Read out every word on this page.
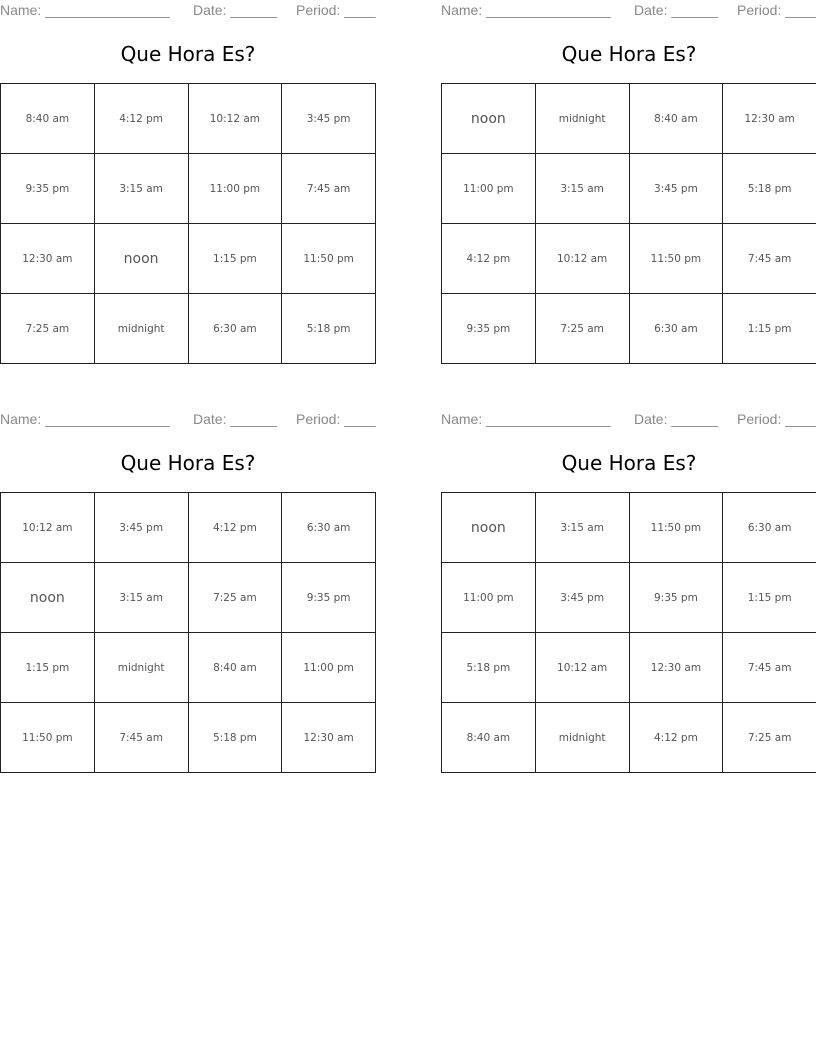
Name: ________________ Date: ______ Period: ____
Que Hora Es?
8:40 am	4:12 pm	10:12 am	3:45 pm
9:35 pm	3:15 am	11:00 pm	7:45 am
12:30 am	noon	1:15 pm	11:50 pm
7:25 am	midnight	6:30 am	5:18 pm
Name: ________________ Date: ______ Period: ____
Que Hora Es?
noon	midnight	8:40 am	12:30 am
11:00 pm	3:15 am	3:45 pm	5:18 pm
4:12 pm	10:12 am	11:50 pm	7:45 am
9:35 pm	7:25 am	6:30 am	1:15 pm
Name: ________________ Date: ______ Period: ____
Que Hora Es?
10:12 am	3:45 pm	4:12 pm	6:30 am
noon	3:15 am	7:25 am	9:35 pm
1:15 pm	midnight	8:40 am	11:00 pm
11:50 pm	7:45 am	5:18 pm	12:30 am
Name: ________________ Date: ______ Period: ____
Que Hora Es?
noon	3:15 am	11:50 pm	6:30 am
11:00 pm	3:45 pm	9:35 pm	1:15 pm
5:18 pm	10:12 am	12:30 am	7:45 am
8:40 am	midnight	4:12 pm	7:25 am
